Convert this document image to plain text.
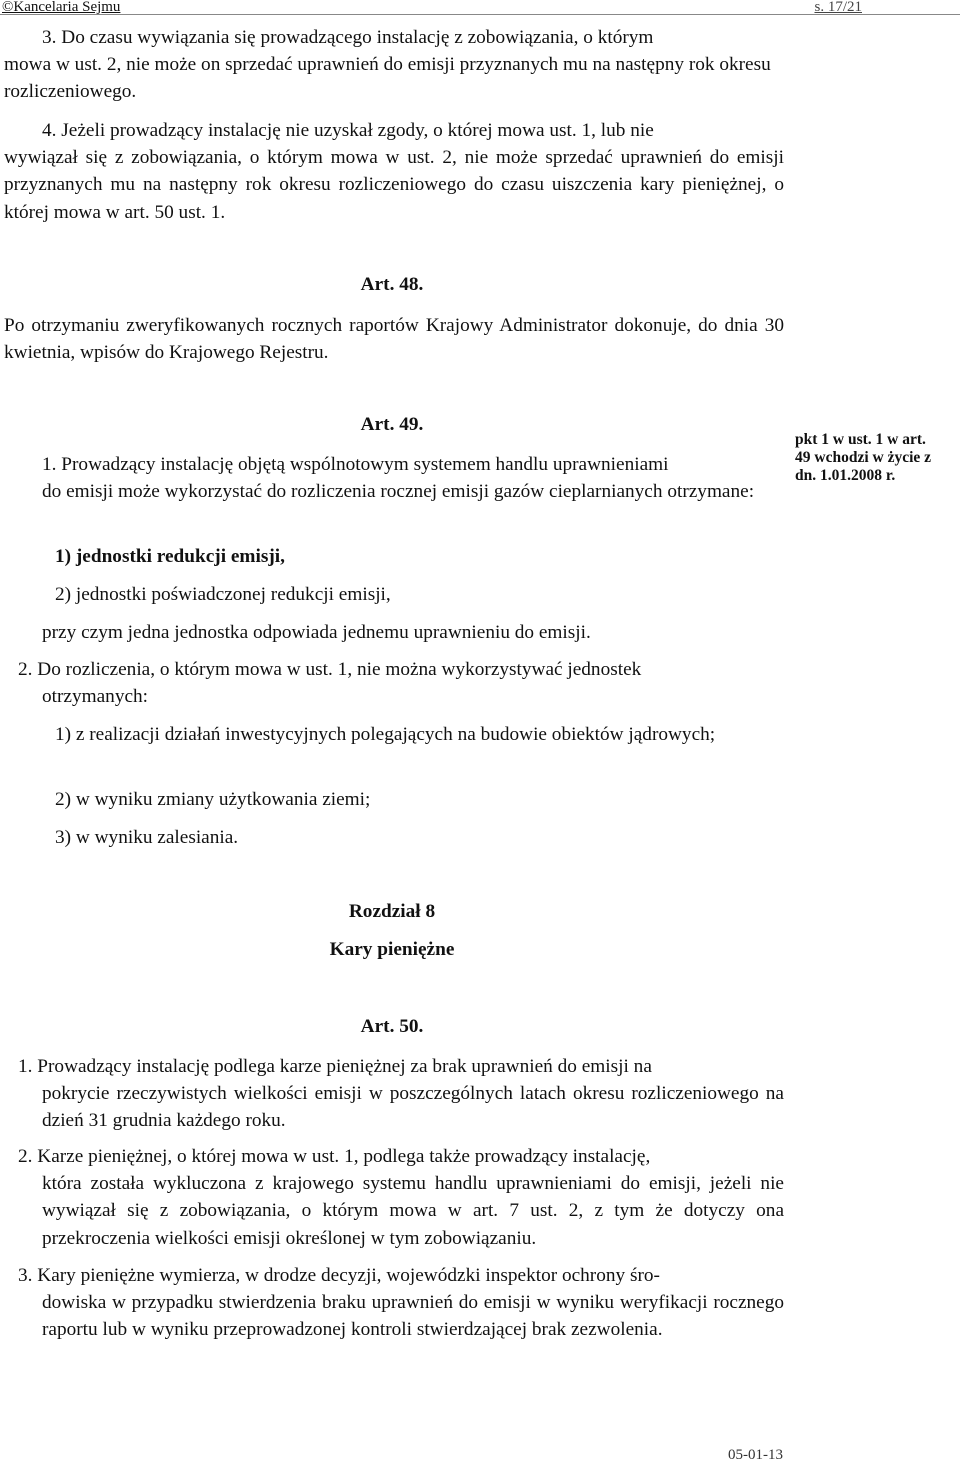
©Kancelaria Sejmu	s. 17/21
3. Do czasu wywiązania się prowadzącego instalację z zobowiązania, o którym

mowa w ust. 2, nie może on sprzedać uprawnień do emisji przyznanych mu na następny rok okresu rozliczeniowego.

4. Jeżeli prowadzący instalację nie uzyskał zgody, o której mowa ust. 1, lub nie

wywiązał się z zobowiązania, o którym mowa w ust. 2, nie może sprzedać uprawnień do emisji przyznanych mu na następny rok okresu rozliczeniowego do czasu uiszczenia kary pieniężnej, o której mowa w art. 50 ust. 1.

Art. 48.

Po otrzymaniu zweryfikowanych rocznych raportów Krajowy Administrator dokonuje, do dnia 30 kwietnia, wpisów do Krajowego Rejestru.

Art. 49.
1. Prowadzący instalację objętą wspólnotowym systemem handlu uprawnieniami

do emisji może wykorzystać do rozliczenia rocznej emisji gazów cieplarnianych otrzymane:

1) jednostki redukcji emisji,
2) jednostki poświadczonej redukcji emisji,
przy czym jedna jednostka odpowiada jednemu uprawnieniu do emisji.
2. Do rozliczenia, o którym mowa w ust. 1, nie można wykorzystywać jednostek
otrzymanych:

1) z realizacji działań inwestycyjnych polegających na budowie obiektów jądrowych;

2) w wyniku zmiany użytkowania ziemi;
3) w wyniku zalesiania.
pkt 1 w ust. 1 w art.
49 wchodzi w życie z
dn. 1.01.2008 r.
Rozdział 8
Kary pieniężne
Art. 50.
1. Prowadzący instalację podlega karze pieniężnej za brak uprawnień do emisji na

pokrycie rzeczywistych wielkości emisji w poszczególnych latach okresu rozliczeniowego na dzień 31 grudnia każdego roku.

2. Karze pieniężnej, o której mowa w ust. 1, podlega także prowadzący instalację,

która została wykluczona z krajowego systemu handlu uprawnieniami do emisji, jeżeli nie wywiązał się z zobowiązania, o którym mowa w art. 7 ust. 2, z tym że dotyczy ona przekroczenia wielkości emisji określonej w tym zobowiązaniu.

3. Kary pieniężne wymierza, w drodze decyzji, wojewódzki inspektor ochrony śro-

dowiska w przypadku stwierdzenia braku uprawnień do emisji w wyniku weryfikacji rocznego raportu lub w wyniku przeprowadzonej kontroli stwierdzającej brak zezwolenia.

05-01-13
